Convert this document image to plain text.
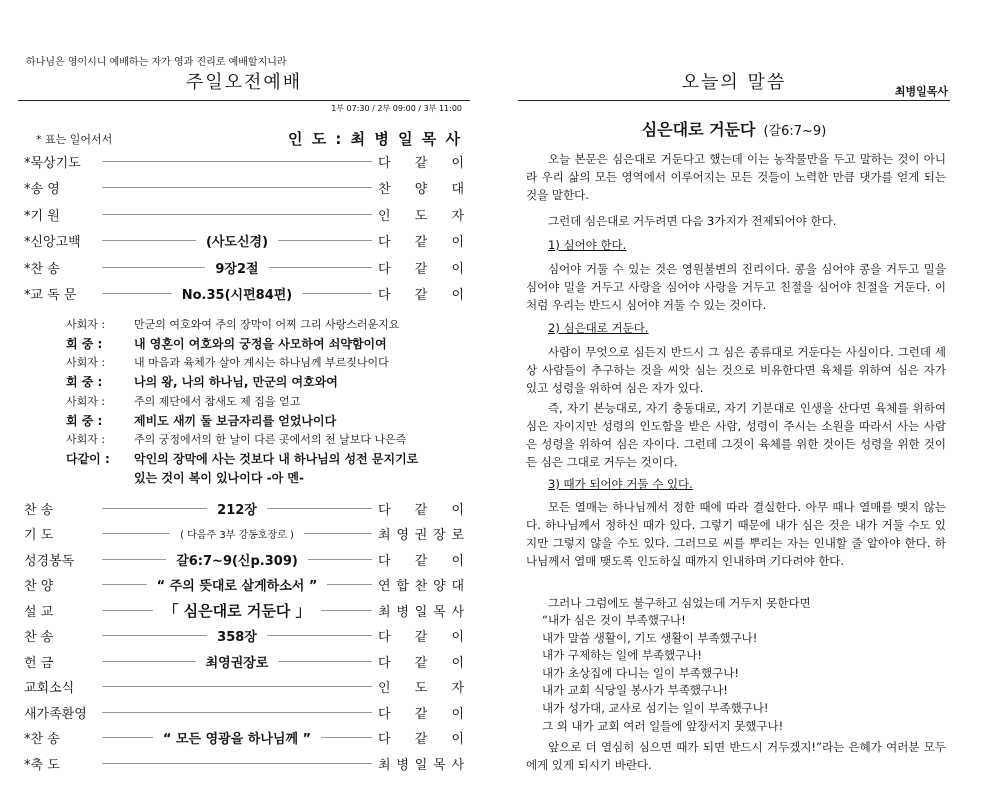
하나님은 영이시니 예배하는 자가 영과 진리로 예배할지니라
주일오전예배
1부 07:30 / 2부 09:00 / 3부 11:00
* 표는 일어서서	인 도 : 최 병 일 목 사
*묵상기도	다 같 이
*송 영	찬 양 대
*기 원	인 도 자
*신앙고백	(사도신경)	다 같 이
*찬 송	9장2절	다 같 이
*교 독 문	No.35(시편84편)	다 같 이
사회자 :	만군의 여호와여 주의 장막이 어찌 그리 사랑스러운지요
회 중 :	내 영혼이 여호와의 궁정을 사모하여 쇠약함이여
사회자 :	내 마음과 육체가 살아 계시는 하나님께 부르짖나이다
회 중 :	나의 왕, 나의 하나님, 만군의 여호와여
사회자 :	주의 제단에서 참새도 제 집을 얻고
회 중 :	제비도 새끼 둘 보금자리를 얻었나이다
사회자 :	주의 궁정에서의 한 날이 다른 곳에서의 천 날보다 나은즉
다같이 :	악인의 장막에 사는 것보다 내 하나님의 성전 문지기로
있는 것이 복이 있나이다 -아 멘-
찬 송	212장	다 같 이
기 도	( 다음주 3부 강동호장로 )	최 영 권 장 로
성경봉독	갈6:7~9(신p.309)	다 같 이
찬 양	“ 주의 뜻대로 살게하소서 ”	연 합 찬 양 대
설 교	「 심은대로 거둔다 」	최 병 일 목 사
찬 송	358장	다 같 이
헌 금	최영권장로	다 같 이
교회소식	인 도 자
새가족환영	다 같 이
*찬 송	“ 모든 영광을 하나님께 ”	다 같 이
*축 도	최 병 일 목 사
오늘의 말씀	최병일목사
심은대로 거둔다 (갈6:7~9)

오늘 본문은 심은대로 거둔다고 했는데 이는 농작물만을 두고 말하는 것이 아니라 우리 삶의 모든 영역에서 이루어지는 모든 것들이 노력한 만큼 댓가를 얻게 되는 것을 말한다.

그런데 심은대로 거두려면 다음 3가지가 전제되어야 한다.

1) 심어야 한다.

심어야 거둘 수 있는 것은 영원불변의 진리이다. 콩을 심어야 콩을 거두고 밀을 심어야 밀을 거두고 사랑을 심어야 사랑을 거두고 친절을 심어야 친절을 거둔다. 이처럼 우리는 반드시 심어야 거둘 수 있는 것이다.

2) 심은대로 거둔다.

사람이 무엇으로 심든지 반드시 그 심은 종류대로 거둔다는 사실이다. 그런데 세상 사람들이 추구하는 것을 씨앗 심는 것으로 비유한다면 육체를 위하여 심은 자가 있고 성령을 위하여 심은 자가 있다.

즉, 자기 본능대로, 자기 충동대로, 자기 기분대로 인생을 산다면 육체를 위하여 심은 자이지만 성령의 인도함을 받은 사람, 성령이 주시는 소원을 따라서 사는 사람은 성령을 위하여 심은 자이다. 그런데 그것이 육체를 위한 것이든 성령을 위한 것이든 심은 그대로 거두는 것이다.

3) 때가 되어야 거둘 수 있다.

모든 열매는 하나님께서 정한 때에 따라 결실한다. 아무 때나 열매를 맺지 않는다. 하나님께서 정하신 때가 있다. 그렇기 때문에 내가 심은 것은 내가 거둘 수도 있지만 그렇지 않을 수도 있다. 그러므로 씨를 뿌리는 자는 인내할 줄 알아야 한다. 하나님께서 열매 맺도록 인도하실 때까지 인내하며 기다려야 한다.

그러나 그럼에도 불구하고 심었는데 거두지 못한다면

“내가 심은 것이 부족했구나!
내가 말씀 생활이, 기도 생활이 부족했구나!
내가 구제하는 일에 부족했구나!
내가 초상집에 다니는 일이 부족했구나!
내가 교회 식당일 봉사가 부족했구나!
내가 성가대, 교사로 섬기는 일이 부족했구나!
그 외 내가 교회 여러 일들에 앞장서지 못했구나!

앞으로 더 열심히 심으면 때가 되면 반드시 거두겠지!”라는 은혜가 여러분 모두에게 있게 되시기 바란다.
